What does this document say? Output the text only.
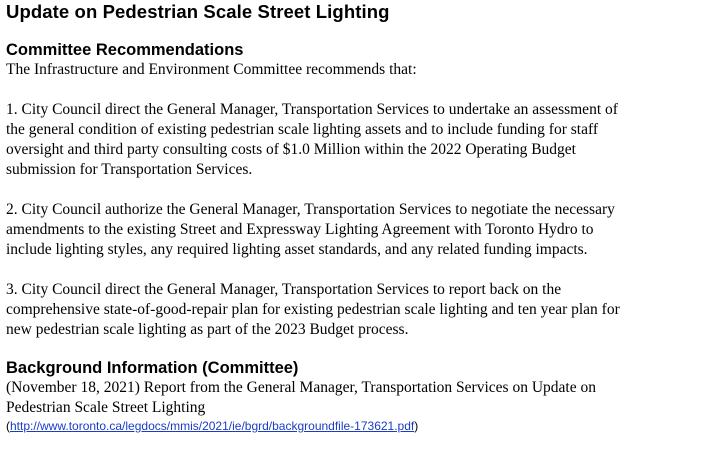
Update on Pedestrian Scale Street Lighting
Committee Recommendations

The Infrastructure and Environment Committee recommends that:

1. City Council direct the General Manager, Transportation Services to undertake an assessment of the general condition of existing pedestrian scale lighting assets and to include funding for staff oversight and third party consulting costs of $1.0 Million within the 2022 Operating Budget submission for Transportation Services.

2. City Council authorize the General Manager, Transportation Services to negotiate the necessary amendments to the existing Street and Expressway Lighting Agreement with Toronto Hydro to include lighting styles, any required lighting asset standards, and any related funding impacts.

3. City Council direct the General Manager, Transportation Services to report back on the comprehensive state-of-good-repair plan for existing pedestrian scale lighting and ten year plan for new pedestrian scale lighting as part of the 2023 Budget process.

Background Information (Committee)

(November 18, 2021) Report from the General Manager, Transportation Services on Update on Pedestrian Scale Street Lighting

(http://www.toronto.ca/legdocs/mmis/2021/ie/bgrd/backgroundfile-173621.pdf)
